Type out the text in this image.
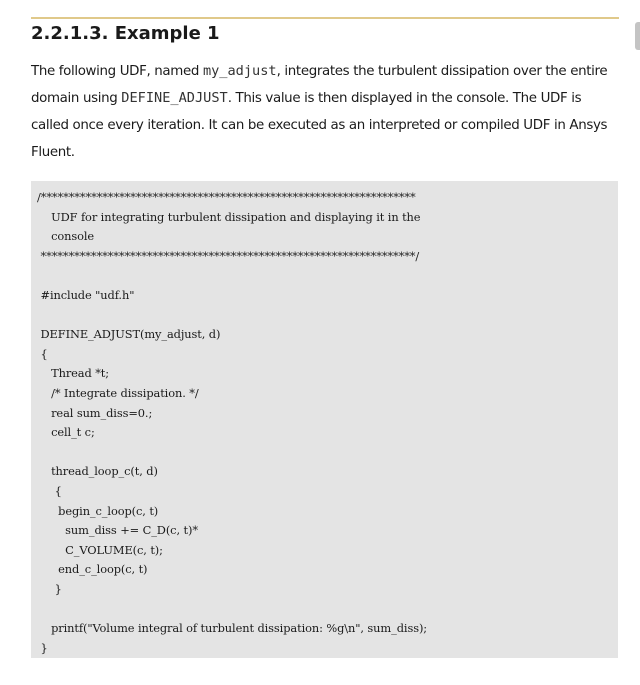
2.2.1.3. Example 1

The following UDF, named my_adjust, integrates the turbulent dissipation over the entire domain using DEFINE_ADJUST. This value is then displayed in the console. The UDF is called once every iteration. It can be executed as an interpreted or compiled UDF in Ansys Fluent.

/*******************************************************************
UDF for integrating turbulent dissipation and displaying it in the
console
*******************************************************************/
#include "udf.h"
DEFINE_ADJUST(my_adjust, d)
{
Thread *t;
/* Integrate dissipation. */
real sum_diss=0.;
cell_t c;
thread_loop_c(t, d)
{
begin_c_loop(c, t)
sum_diss += C_D(c, t)*
C_VOLUME(c, t);
end_c_loop(c, t)
}
printf("Volume integral of turbulent dissipation: %g\n", sum_diss);
}
